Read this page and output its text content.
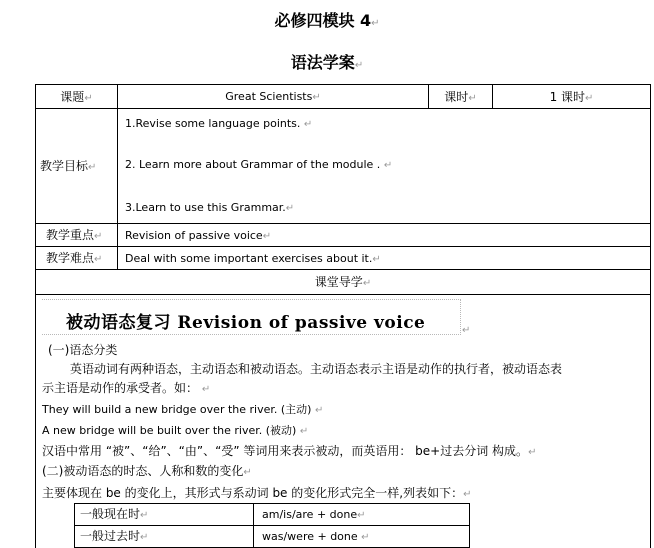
必修四模块 4↵
语法学案↵
课题↵	Great Scientists↵	课时↵	1 课时↵
教学目标↵
1.Revise some language points. ↵
2. Learn more about Grammar of the module . ↵
3.Learn to use this Grammar.↵
教学重点↵ Revision of passive voice↵
教学难点↵ Deal with some important exercises about it.↵
课堂导学↵
被动语态复习 Revision of passive voice	↵
(一)语态分类
英语动词有两种语态，主动语态和被动语态。主动语态表示主语是动作的执行者，被动语态表
示主语是动作的承受者。如： ↵
They will build a new bridge over the river. (主动) ↵
A new bridge will be built over the river. (被动) ↵
汉语中常用 “被”、“给”、“由”、“受” 等词用来表示被动，而英语用： be+过去分词 构成。↵
(二)被动语态的时态、人称和数的变化↵
主要体现在 be 的变化上，其形式与系动词 be 的变化形式完全一样,列表如下：↵
一般现在时↵	am/is/are + done↵
一般过去时↵	was/were + done ↵
